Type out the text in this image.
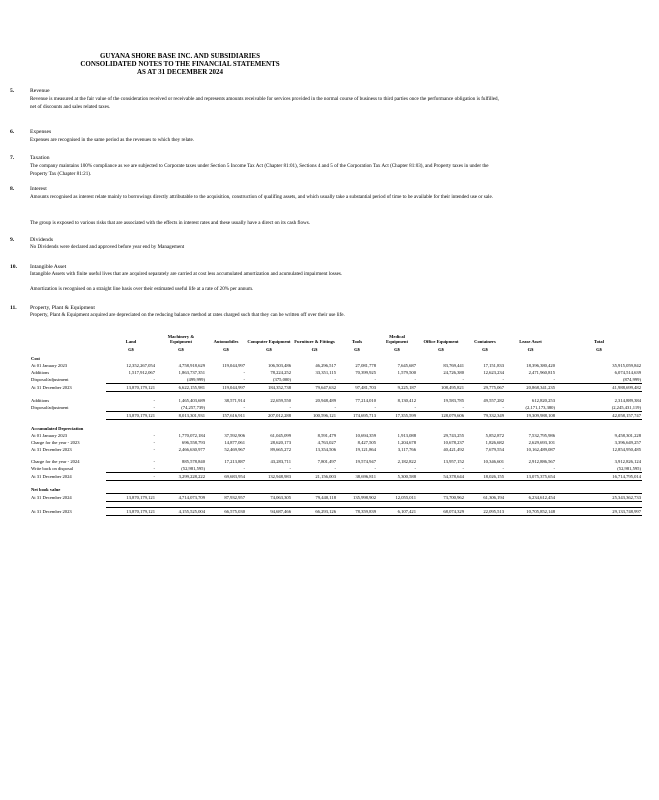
GUYANA SHORE BASE INC. AND SUBSIDIARIES
CONSOLIDATED NOTES TO THE FINANCIAL STATEMENTS
AS AT 31 DECEMBER 2024
5.	Revenue
Revenue is measured at the fair value of the consideration received or receivable and represents amounts receivable for services provided in the normal course of business to third parties once the performance obligation is fulfilled, net of discounts and sales related taxes.
6.	Expenses
Expenses are recognised in the same period as the revenues to which they relate.
7.	Taxation
The company maintains 100% compliance as we are subjected to Corporate taxes under Section 5 Income Tax Act (Chapter 81:01), Sections 4 and 5 of the Corporation Tax Act (Chapter 81:03), and Property taxes in under the Property Tax (Chapter 81:21).
8.	Interest
Amounts recognised as interest relate mainly to borrowings directly attributable to the acquisition, construction of qualifing assets, and which usually take a substantial period of time to be available for their intended use or sale.
The group is exposed to various risks that are associated with the effects in interest rates and these usually have a direct on its cash flows.
9.	Dividends
No Dividends were declared and approved before year end by Management
10. Intangible Asset
Intangible Assets with finite useful lives that are acquired separately are carried at cost less accumulated amortization and acumulated impairment losses.
Amortization is recognised on a straight line basis over their estimated useful life at a rate of 20% per annum.
11. Property, Plant & Equipment
Property, Plant & Equipment acquired are depreciated on the reducing balance method at rates charged such that they can be written off over their use life.
	Land	Machinery & Equipment	Automobiles	Computer Equipment	Furniture & Fittings	Tools	Medical Equipment	Office Equipment	Containers	Lease Asset	Total
	G$	G$	G$	G$	G$	G$	G$	G$	G$	G$	G$
Cost											
At 01 January 2023	12,352,267,054	4,758,918,629	119,044,997	106,503,486	46,296,517	27,081,778	7,645,687	83,769,441	17,151,833	18,396,380,420	35,915,059,842
Additions	1,517,912,067	1,863,737,351	-	78,224,252	33,351,115	70,399,925	1,579,500	24,726,380	12,623,234	2,471,960,815	6,074,514,639
Disposal/adjustment	-	(499,999)	-	(375,000)	-	-	-	-	-	-	(874,999)
At 31 December 2023	13,870,179,121	6,622,155,981	119,044,997	184,352,738	79,647,632	97,481,703	9,225,187	108,495,821	29,775,067	20,868,341,235	41,988,699,482

Additions	-	1,465,403,689	38,571,914	22,659,550	20,948,489	77,214,010	8,130,412	19,583,785	49,557,282	612,820,253	2,314,889,384
Disposal/adjustment	-	(74,257,739)	-	-	-	-	-	-	-	(2,171,173,380)	(2,245,431,119)
	13,870,179,121	8,013,301,931	157,616,911	207,012,288	100,596,121	174,695,713	17,355,599	128,079,606	79,332,349	19,309,988,108	42,058,157,747

Accumulated Depreciation											
At 01 January 2023	-	1,770,072,184	37,592,906	61,045,099	8,591,479	10,694,359	1,913,088	29,743,255	5,852,872	7,532,795,986	9,458,301,228
Charge for the year - 2023	-	696,558,793	14,877,061	28,620,173	4,763,027	8,427,505	1,204,678	10,678,237	1,826,682	2,629,693,101	3,396,649,257
At 31 December 2023	-	2,466,630,977	52,469,967	89,665,272	13,354,506	19,121,864	3,117,766	40,421,492	7,679,554	10,162,489,087	12,854,950,485

Charge for the year - 2024	-	885,578,840	17,213,887	43,283,711	7,801,497	19,574,947	2,182,822	13,957,152	10,346,601	2,912,886,567	3,912,826,124
Write back on disposal	-	(52,981,595)	-	-	-	-	-	-	-	-	(52,981,595)
At 31 December 2024	-	3,299,228,222	69,683,954	132,948,983	21,156,003	38,696,811	5,300,588	54,378,644	18,026,155	13,075,375,654	16,714,795,014

Net book value											
At 31 December 2024	13,870,179,121	4,714,073,709	87,932,957	74,063,305	79,440,118	135,998,902	12,055,011	73,700,962	61,306,194	6,234,612,454	25,343,362,733

At 31 December 2023	13,870,179,121	4,155,525,004	66,575,030	94,687,466	66,293,126	78,359,839	6,107,421	68,074,329	22,095,513	10,705,852,148	29,133,748,997
